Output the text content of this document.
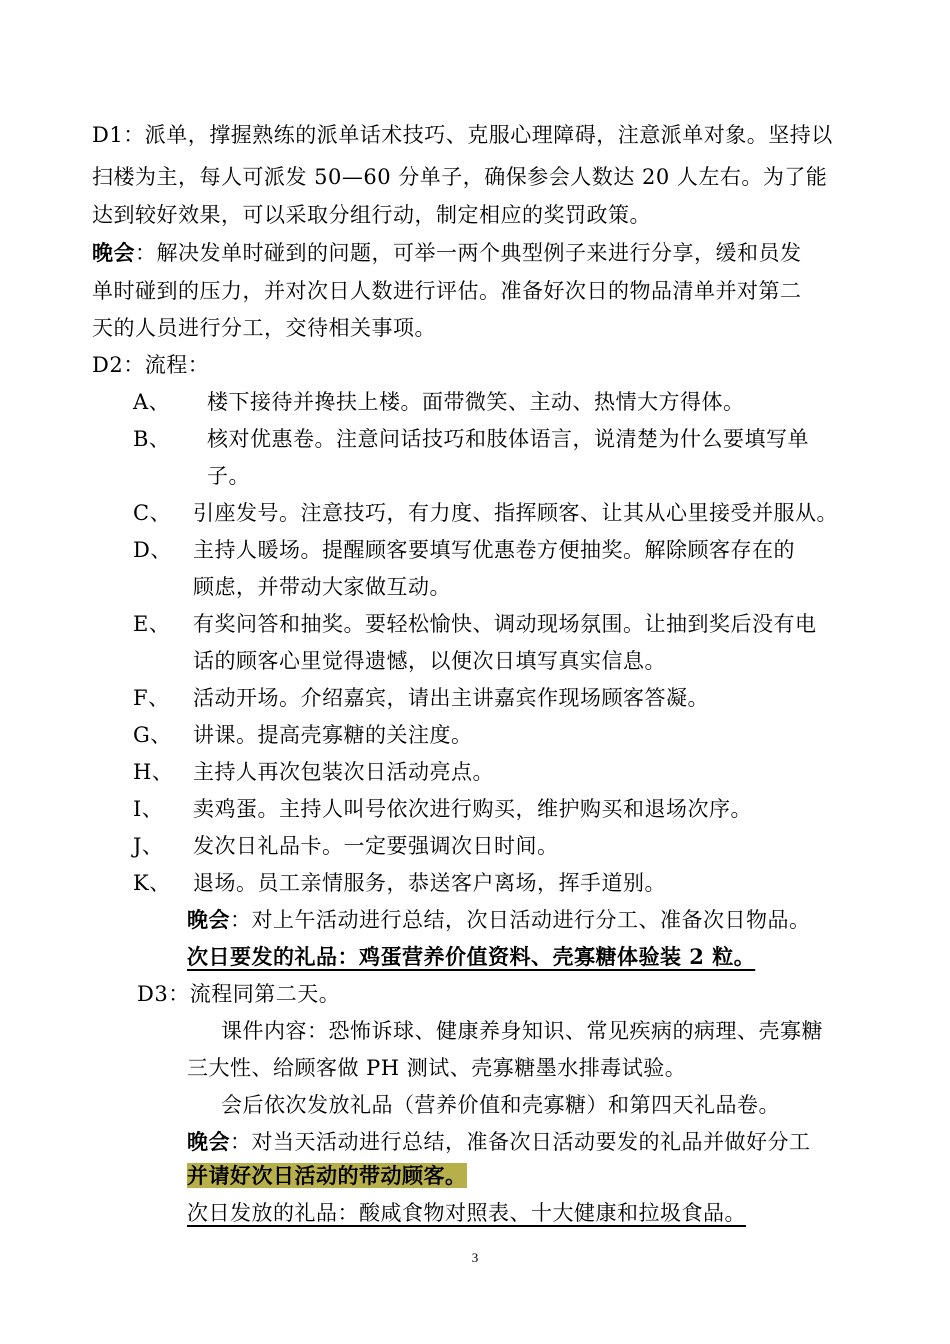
D1：派单，撑握熟练的派单话术技巧、克服心理障碍，注意派单对象。坚持以
扫楼为主，每人可派发 50—60 分单子，确保参会人数达 20 人左右。为了能
达到较好效果，可以采取分组行动，制定相应的奖罚政策。
晚会：解决发单时碰到的问题，可举一两个典型例子来进行分享，缓和员发
单时碰到的压力，并对次日人数进行评估。准备好次日的物品清单并对第二
天的人员进行分工，交待相关事项。
D2：流程：
A、 楼下接待并搀扶上楼。面带微笑、主动、热情大方得体。
B、 核对优惠卷。注意问话技巧和肢体语言，说清楚为什么要填写单
子。
C、 引座发号。注意技巧，有力度、指挥顾客、让其从心里接受并服从。
D、 主持人暖场。提醒顾客要填写优惠卷方便抽奖。解除顾客存在的
顾虑，并带动大家做互动。
E、 有奖问答和抽奖。要轻松愉快、调动现场氛围。让抽到奖后没有电
话的顾客心里觉得遗憾，以便次日填写真实信息。
F、 活动开场。介绍嘉宾，请出主讲嘉宾作现场顾客答凝。
G、 讲课。提高壳寡糖的关注度。
H、 主持人再次包装次日活动亮点。
I、 卖鸡蛋。主持人叫号依次进行购买，维护购买和退场次序。
J、 发次日礼品卡。一定要强调次日时间。
K、 退场。员工亲情服务，恭送客户离场，挥手道别。
晚会：对上午活动进行总结，次日活动进行分工、准备次日物品。
次日要发的礼品：鸡蛋营养价值资料、壳寡糖体验装 2 粒。
D3：流程同第二天。
课件内容：恐怖诉球、健康养身知识、常见疾病的病理、壳寡糖
三大性、给顾客做 PH 测试、壳寡糖墨水排毒试验。
会后依次发放礼品（营养价值和壳寡糖）和第四天礼品卷。
晚会：对当天活动进行总结，准备次日活动要发的礼品并做好分工
并请好次日活动的带动顾客。
次日发放的礼品：酸咸食物对照表、十大健康和拉圾食品。
3
